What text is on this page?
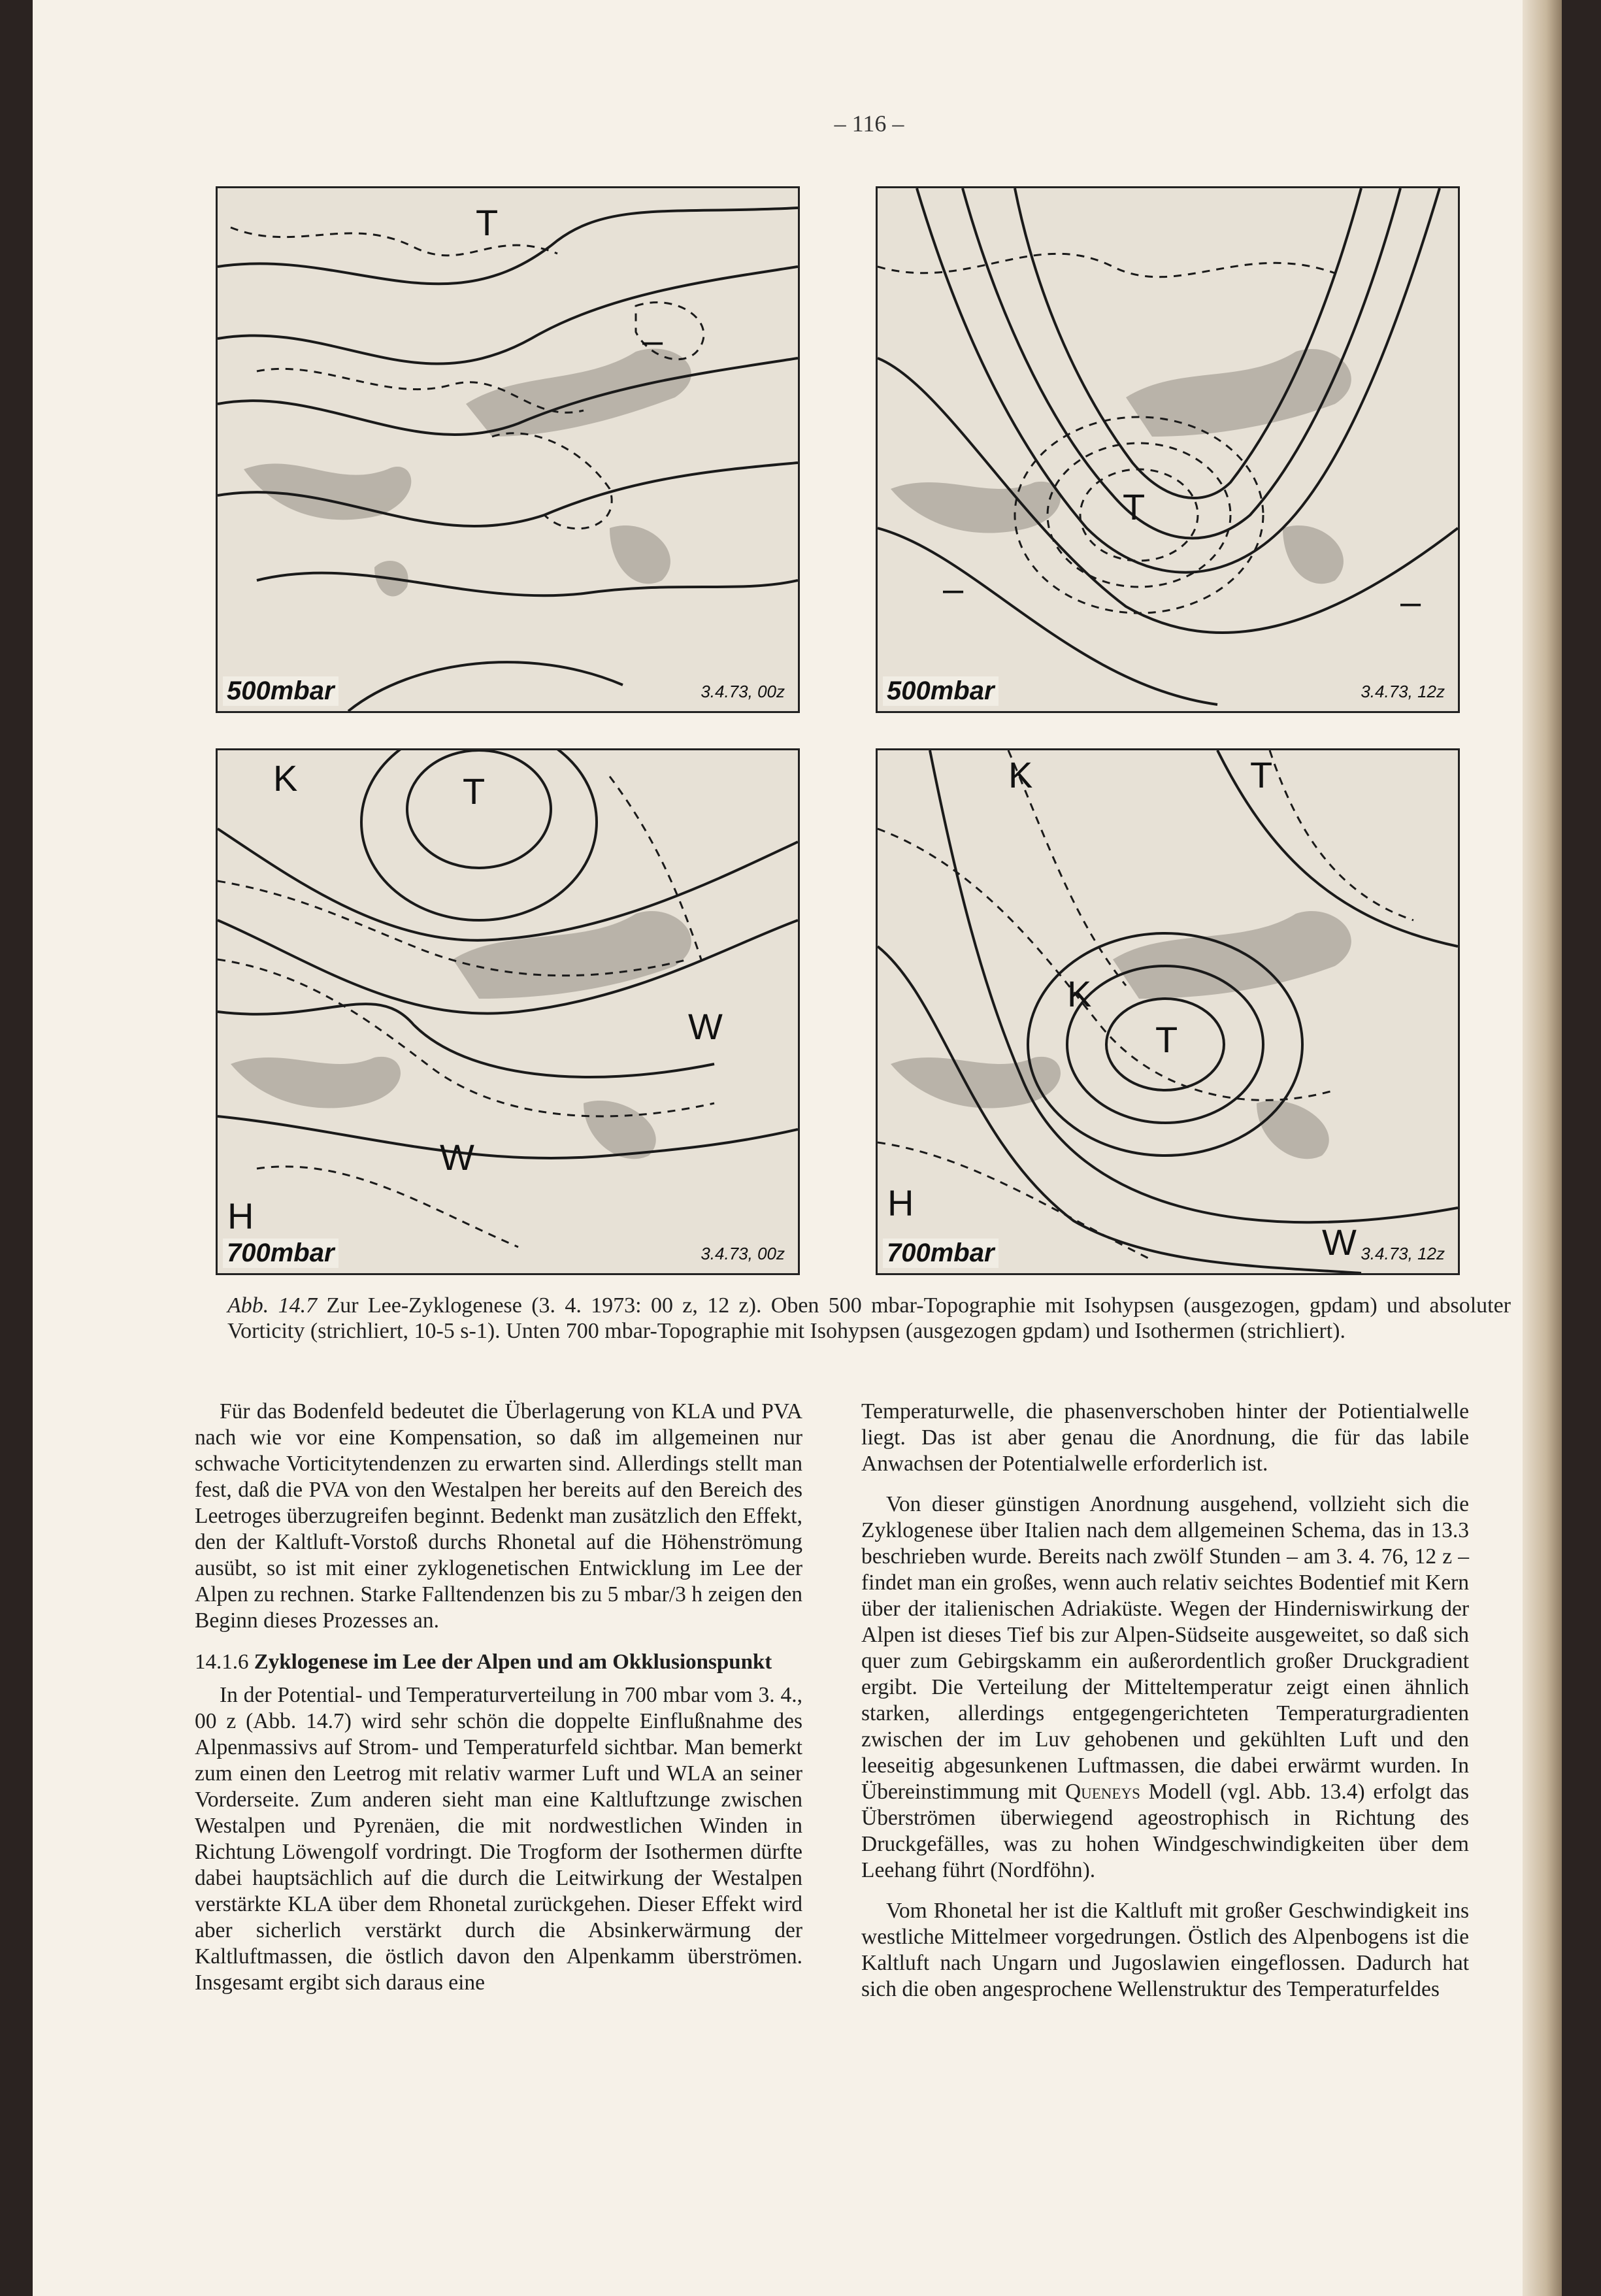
– 116 –
T
–
500mbar	3.4.73, 00z
T
–	–
500mbar	3.4.73, 12z
K	T
W
W
H
700mbar	3.4.73, 00z
K	T
K
T
H
W
700mbar	3.4.73, 12z
Abb. 14.7 Zur Lee-Zyklogenese (3. 4. 1973: 00 z, 12 z). Oben 500 mbar-Topographie mit Isohypsen (ausgezogen, gpdam) und absoluter Vorticity (strichliert, 10-5 s-1). Unten 700 mbar-Topographie mit Isohypsen (ausgezogen gpdam) und Isothermen (strichliert).

Für das Bodenfeld bedeutet die Überlagerung von KLA und PVA nach wie vor eine Kompensation, so daß im allgemeinen nur schwache Vorticitytendenzen zu erwarten sind. Allerdings stellt man fest, daß die PVA von den Westalpen her bereits auf den Bereich des Leetroges überzugreifen beginnt. Bedenkt man zusätzlich den Effekt, den der Kaltluft-Vorstoß durchs Rhonetal auf die Höhenströmung ausübt, so ist mit einer zyklogenetischen Entwicklung im Lee der Alpen zu rechnen. Starke Falltendenzen bis zu 5 mbar/3 h zeigen den Beginn dieses Prozesses an.

14.1.6 Zyklogenese im Lee der Alpen und am Okklusionspunkt

In der Potential- und Temperaturverteilung in 700 mbar vom 3. 4., 00 z (Abb. 14.7) wird sehr schön die doppelte Einflußnahme des Alpenmassivs auf Strom- und Temperaturfeld sichtbar. Man bemerkt zum einen den Leetrog mit relativ warmer Luft und WLA an seiner Vorderseite. Zum anderen sieht man eine Kaltluftzunge zwischen Westalpen und Pyrenäen, die mit nordwestlichen Winden in Richtung Löwengolf vordringt. Die Trogform der Isothermen dürfte dabei hauptsächlich auf die durch die Leitwirkung der Westalpen verstärkte KLA über dem Rhonetal zurückgehen. Dieser Effekt wird aber sicherlich verstärkt durch die Absinkerwärmung der Kaltluftmassen, die östlich davon den Alpenkamm überströmen. Insgesamt ergibt sich daraus eine

Temperaturwelle, die phasenverschoben hinter der Potientialwelle liegt. Das ist aber genau die Anordnung, die für das labile Anwachsen der Potentialwelle erforderlich ist.

Von dieser günstigen Anordnung ausgehend, vollzieht sich die Zyklogenese über Italien nach dem allgemeinen Schema, das in 13.3 beschrieben wurde. Bereits nach zwölf Stunden – am 3. 4. 76, 12 z – findet man ein großes, wenn auch relativ seichtes Bodentief mit Kern über der italienischen Adriaküste. Wegen der Hinderniswirkung der Alpen ist dieses Tief bis zur Alpen-Südseite ausgeweitet, so daß sich quer zum Gebirgskamm ein außerordentlich großer Druckgradient ergibt. Die Verteilung der Mitteltemperatur zeigt einen ähnlich starken, allerdings entgegengerichteten Temperaturgradienten zwischen der im Luv gehobenen und gekühlten Luft und den leeseitig abgesunkenen Luftmassen, die dabei erwärmt wurden. In Übereinstimmung mit Queneys Modell (vgl. Abb. 13.4) erfolgt das Überströmen überwiegend ageostrophisch in Richtung des Druckgefälles, was zu hohen Windgeschwindigkeiten über dem Leehang führt (Nordföhn).

Vom Rhonetal her ist die Kaltluft mit großer Geschwindigkeit ins westliche Mittelmeer vorgedrungen. Östlich des Alpenbogens ist die Kaltluft nach Ungarn und Jugoslawien eingeflossen. Dadurch hat sich die oben angesprochene Wellenstruktur des Temperaturfeldes
